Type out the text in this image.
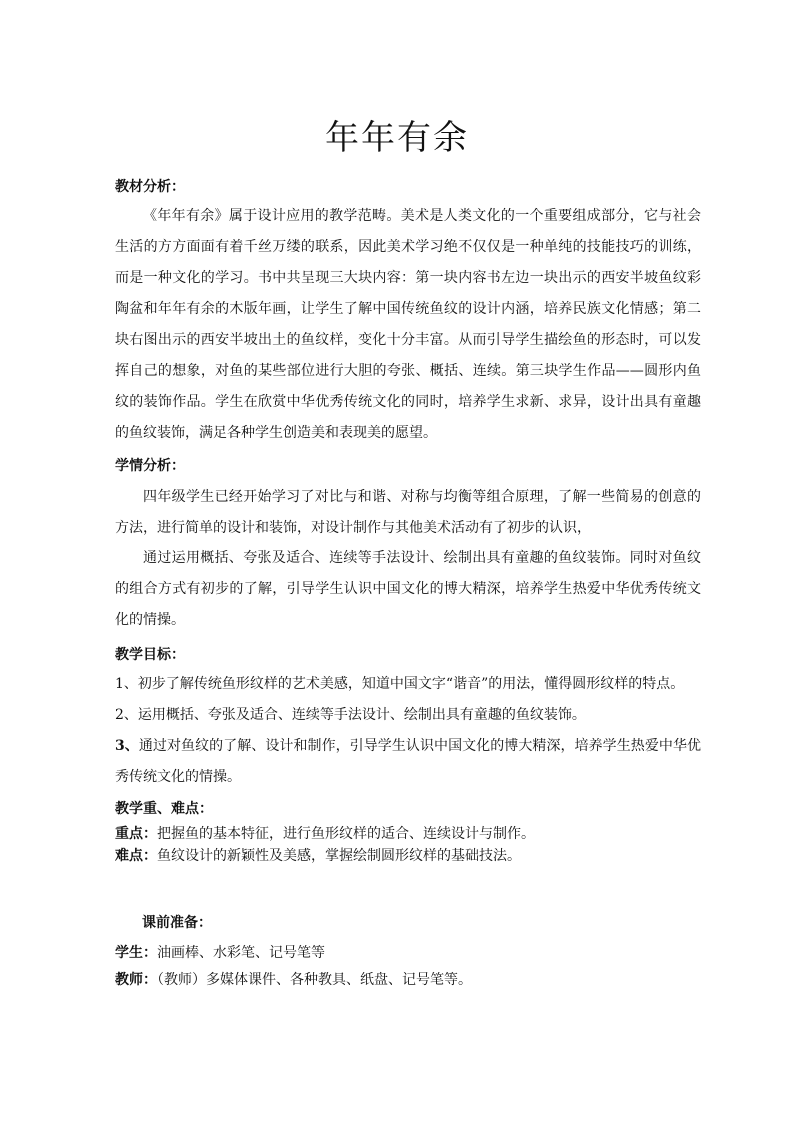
年年有余
教材分析：

《年年有余》属于设计应用的教学范畴。美术是人类文化的一个重要组成部分，它与社会生活的方方面面有着千丝万缕的联系，因此美术学习绝不仅仅是一种单纯的技能技巧的训练，而是一种文化的学习。书中共呈现三大块内容：第一块内容书左边一块出示的西安半坡鱼纹彩陶盆和年年有余的木版年画，让学生了解中国传统鱼纹的设计内涵，培养民族文化情感；第二块右图出示的西安半坡出土的鱼纹样，变化十分丰富。从而引导学生描绘鱼的形态时，可以发挥自己的想象，对鱼的某些部位进行大胆的夸张、概括、连续。第三块学生作品——圆形内鱼纹的装饰作品。学生在欣赏中华优秀传统文化的同时，培养学生求新、求异，设计出具有童趣的鱼纹装饰，满足各种学生创造美和表现美的愿望。

学情分析：

四年级学生已经开始学习了对比与和谐、对称与均衡等组合原理，了解一些简易的创意的方法，进行简单的设计和装饰，对设计制作与其他美术活动有了初步的认识，

通过运用概括、夸张及适合、连续等手法设计、绘制出具有童趣的鱼纹装饰。同时对鱼纹的组合方式有初步的了解，引导学生认识中国文化的博大精深，培养学生热爱中华优秀传统文化的情操。

教学目标：

1、初步了解传统鱼形纹样的艺术美感，知道中国文字“谐音”的用法，懂得圆形纹样的特点。

2、运用概括、夸张及适合、连续等手法设计、绘制出具有童趣的鱼纹装饰。

3、通过对鱼纹的了解、设计和制作，引导学生认识中国文化的博大精深，培养学生热爱中华优秀传统文化的情操。

教学重、难点：

重点：把握鱼的基本特征，进行鱼形纹样的适合、连续设计与制作。

难点：鱼纹设计的新颖性及美感，掌握绘制圆形纹样的基础技法。

课前准备：

学生：油画棒、水彩笔、记号笔等

教师：（教师）多媒体课件、各种教具、纸盘、记号笔等。
